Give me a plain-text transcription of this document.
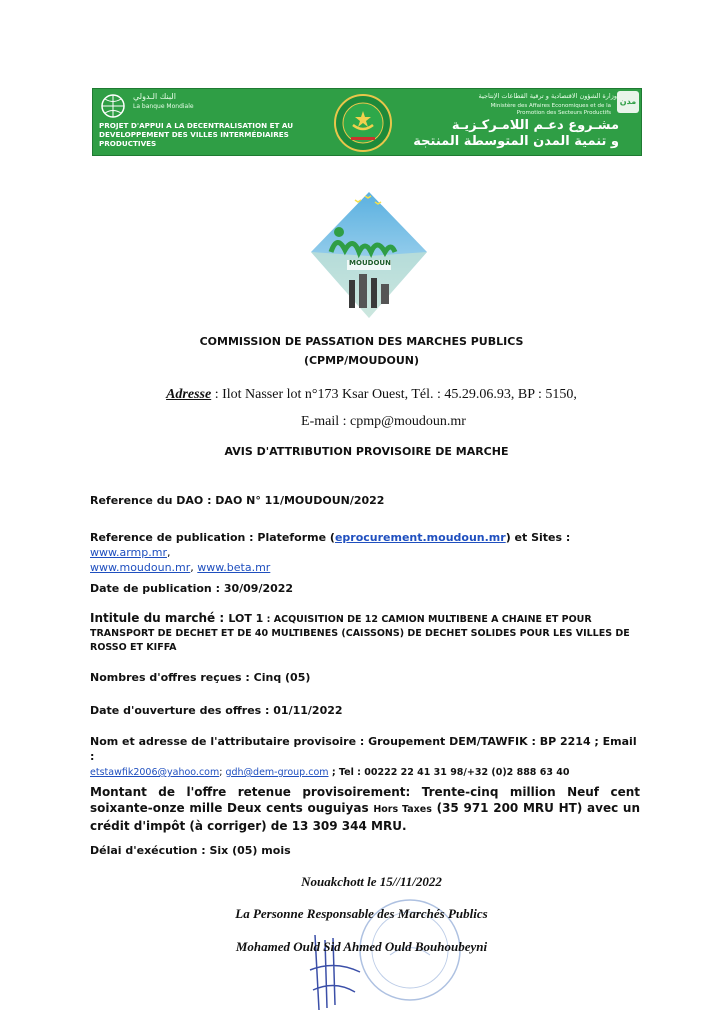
البنك الـدولي
La banque Mondiale
PROJET D'APPUI A LA DECENTRALISATION ET AU DEVELOPPEMENT DES VILLES INTERMÉDIAIRES PRODUCTIVES
وزارة الشؤون الاقتصادية و ترقية القطاعات الإنتاجية
Ministère des Affaires Economiques et de la Promotion des Secteurs Productifs
مشـروع دعـم اللامـركـزيـة
و تنمية المدن المتوسطة المنتجة
مدن
MOUDOUN
COMMISSION DE PASSATION DES MARCHES PUBLICS
(CPMP/MOUDOUN)
Adresse : Ilot Nasser lot n°173 Ksar Ouest, Tél. : 45.29.06.93, BP : 5150,
E-mail : cpmp@moudoun.mr
AVIS D'ATTRIBUTION PROVISOIRE DE MARCHE
Reference du DAO : DAO N° 11/MOUDOUN/2022
Reference de publication : Plateforme (eprocurement.moudoun.mr) et Sites : www.armp.mr,
www.moudoun.mr, www.beta.mr
Date de publication : 30/09/2022
Intitule du marché : LOT 1 : ACQUISITION DE 12 CAMION MULTIBENE A CHAINE ET POUR TRANSPORT DE DECHET ET DE 40 MULTIBENES (CAISSONS) DE DECHET SOLIDES POUR LES VILLES DE ROSSO ET KIFFA
Nombres d'offres reçues : Cinq (05)
Date d'ouverture des offres : 01/11/2022
Nom et adresse de l'attributaire provisoire : Groupement DEM/TAWFIK : BP 2214 ; Email :
etstawfik2006@yahoo.com; gdh@dem-group.com ; Tel : 00222 22 41 31 98/+32 (0)2 888 63 40
Montant de l'offre retenue provisoirement: Trente-cinq million Neuf cent soixante-onze mille Deux cents ouguiyas Hors Taxes (35 971 200 MRU HT) avec un crédit d'impôt (à corriger) de 13 309 344 MRU.
Délai d'exécution : Six (05) mois
Nouakchott le 15//11/2022
La Personne Responsable des Marchés Publics
Mohamed Ould Sid Ahmed Ould Bouhoubeyni
